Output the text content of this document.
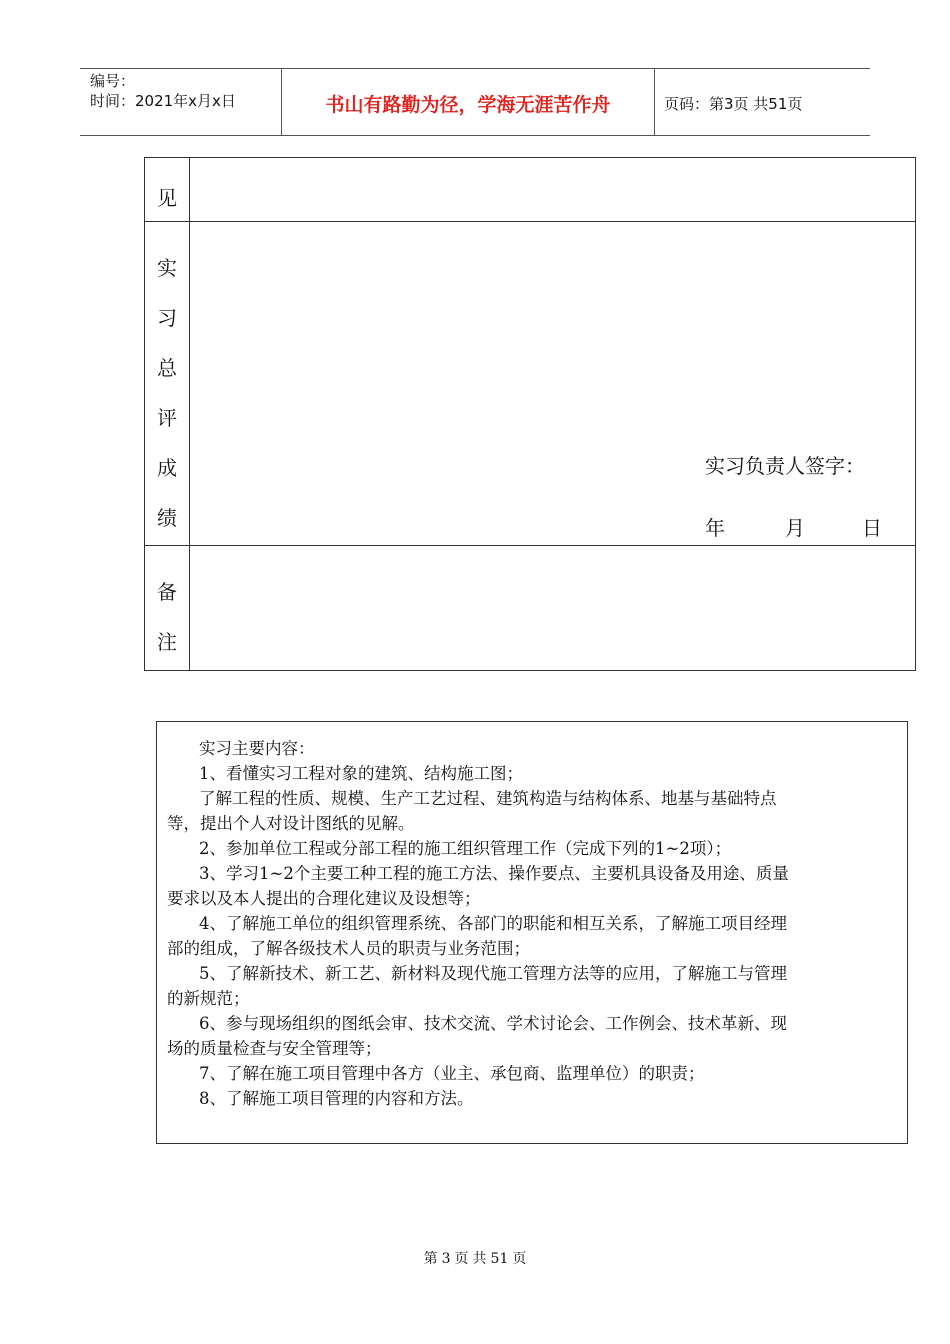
编号：
时间：2021年x月x日	书山有路勤为径，学海无涯苦作舟	页码：第3页 共51页
见
实
习
总
评
成
绩
实习负责人签字：
年	月	日
备
注
实习主要内容：
1、看懂实习工程对象的建筑、结构施工图；
了解工程的性质、规模、生产工艺过程、建筑构造与结构体系、地基与基础特点
等，提出个人对设计图纸的见解。
2、参加单位工程或分部工程的施工组织管理工作（完成下列的1~2项）；
3、学习1~2个主要工种工程的施工方法、操作要点、主要机具设备及用途、质量
要求以及本人提出的合理化建议及设想等；
4、了解施工单位的组织管理系统、各部门的职能和相互关系，了解施工项目经理
部的组成，了解各级技术人员的职责与业务范围；
5、了解新技术、新工艺、新材料及现代施工管理方法等的应用，了解施工与管理
的新规范；
6、参与现场组织的图纸会审、技术交流、学术讨论会、工作例会、技术革新、现
场的质量检查与安全管理等；
7、了解在施工项目管理中各方（业主、承包商、监理单位）的职责；
8、了解施工项目管理的内容和方法。
第 3 页 共 51 页
